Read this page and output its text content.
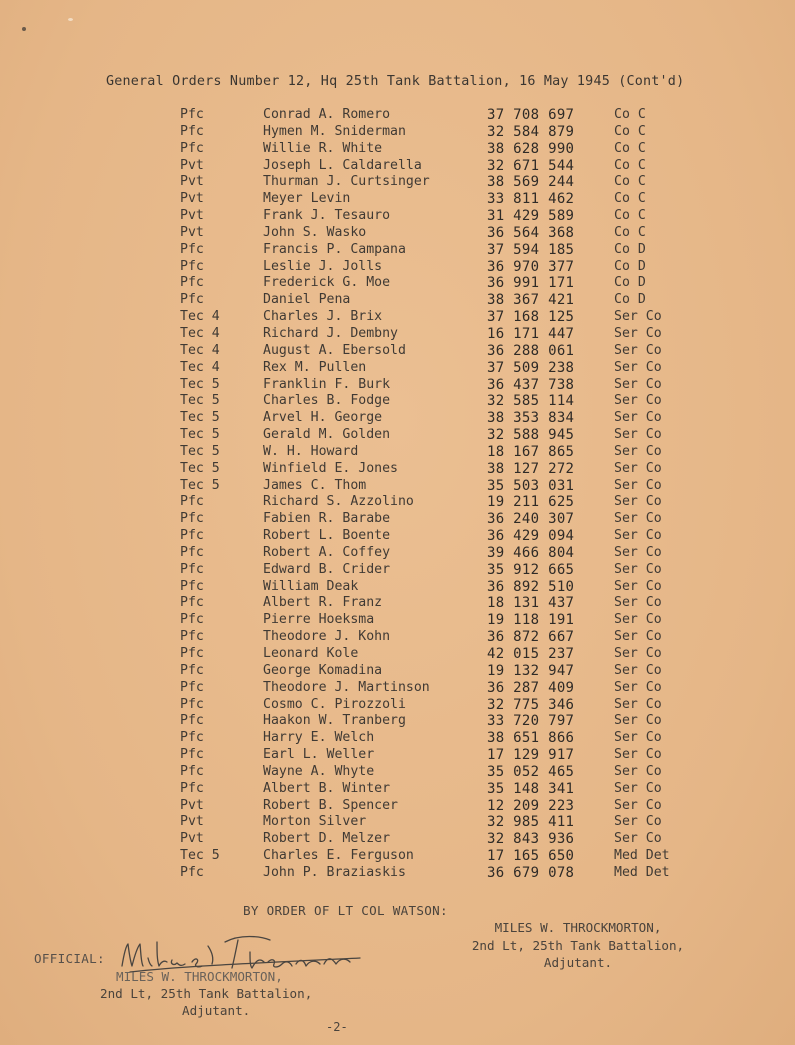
General Orders Number 12, Hq 25th Tank Battalion, 16 May 1945 (Cont'd)
Pfc	Conrad A. Romero	37 708 697	Co C
Pfc	Hymen M. Sniderman	32 584 879	Co C
Pfc	Willie R. White	38 628 990	Co C
Pvt	Joseph L. Caldarella	32 671 544	Co C
Pvt	Thurman J. Curtsinger	38 569 244	Co C
Pvt	Meyer Levin	33 811 462	Co C
Pvt	Frank J. Tesauro	31 429 589	Co C
Pvt	John S. Wasko	36 564 368	Co C
Pfc	Francis P. Campana	37 594 185	Co D
Pfc	Leslie J. Jolls	36 970 377	Co D
Pfc	Frederick G. Moe	36 991 171	Co D
Pfc	Daniel Pena	38 367 421	Co D
Tec 4	Charles J. Brix	37 168 125	Ser Co
Tec 4	Richard J. Dembny	16 171 447	Ser Co
Tec 4	August A. Ebersold	36 288 061	Ser Co
Tec 4	Rex M. Pullen	37 509 238	Ser Co
Tec 5	Franklin F. Burk	36 437 738	Ser Co
Tec 5	Charles B. Fodge	32 585 114	Ser Co
Tec 5	Arvel H. George	38 353 834	Ser Co
Tec 5	Gerald M. Golden	32 588 945	Ser Co
Tec 5	W. H. Howard	18 167 865	Ser Co
Tec 5	Winfield E. Jones	38 127 272	Ser Co
Tec 5	James C. Thom	35 503 031	Ser Co
Pfc	Richard S. Azzolino	19 211 625	Ser Co
Pfc	Fabien R. Barabe	36 240 307	Ser Co
Pfc	Robert L. Boente	36 429 094	Ser Co
Pfc	Robert A. Coffey	39 466 804	Ser Co
Pfc	Edward B. Crider	35 912 665	Ser Co
Pfc	William Deak	36 892 510	Ser Co
Pfc	Albert R. Franz	18 131 437	Ser Co
Pfc	Pierre Hoeksma	19 118 191	Ser Co
Pfc	Theodore J. Kohn	36 872 667	Ser Co
Pfc	Leonard Kole	42 015 237	Ser Co
Pfc	George Komadina	19 132 947	Ser Co
Pfc	Theodore J. Martinson	36 287 409	Ser Co
Pfc	Cosmo C. Pirozzoli	32 775 346	Ser Co
Pfc	Haakon W. Tranberg	33 720 797	Ser Co
Pfc	Harry E. Welch	38 651 866	Ser Co
Pfc	Earl L. Weller	17 129 917	Ser Co
Pfc	Wayne A. Whyte	35 052 465	Ser Co
Pfc	Albert B. Winter	35 148 341	Ser Co
Pvt	Robert B. Spencer	12 209 223	Ser Co
Pvt	Morton Silver	32 985 411	Ser Co
Pvt	Robert D. Melzer	32 843 936	Ser Co
Tec 5	Charles E. Ferguson	17 165 650	Med Det
Pfc	John P. Braziaskis	36 679 078	Med Det
BY ORDER OF LT COL WATSON:
MILES W. THROCKMORTON,
2nd Lt, 25th Tank Battalion,
Adjutant.
OFFICIAL:
MILES W. THROCKMORTON,
2nd Lt, 25th Tank Battalion,
Adjutant.
-2-
